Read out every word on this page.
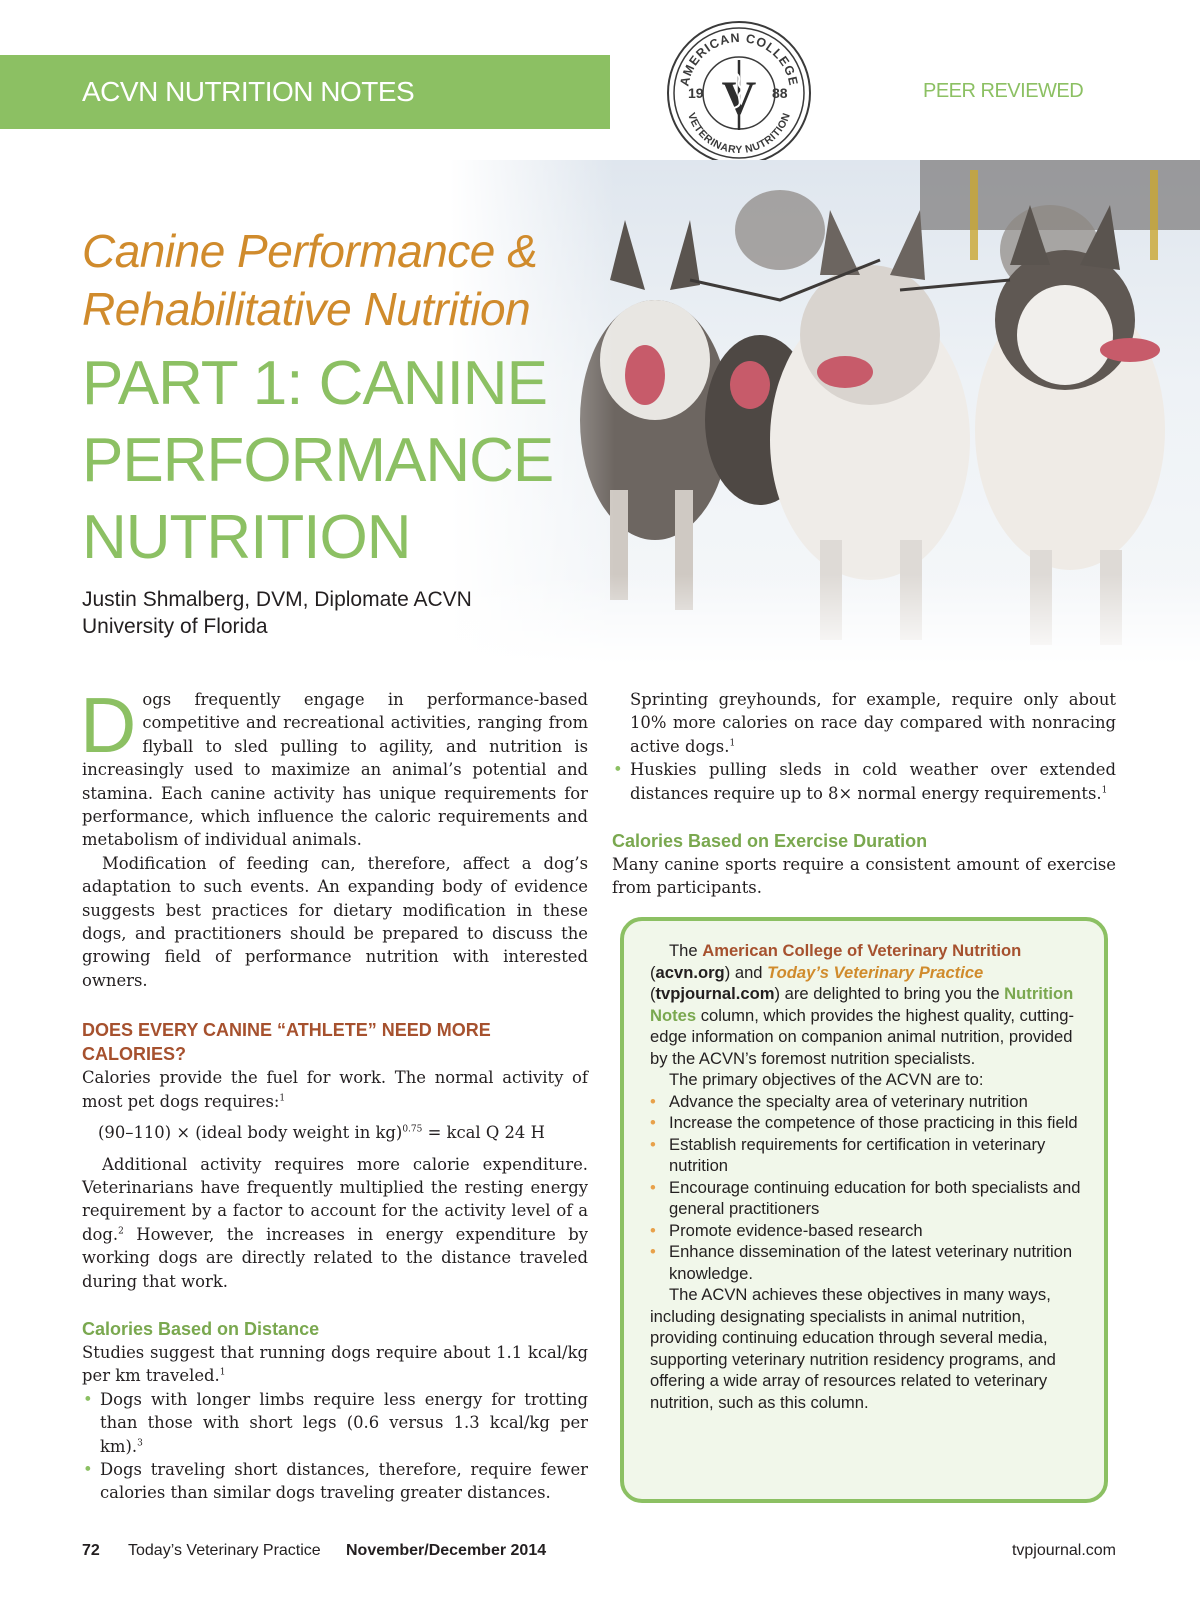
ACVN NUTRITION NOTES	PEER REVIEWED
AMERICAN COLLEGE
VETERINARY NUTRITION
19	88
V
Canine Performance &
Rehabilitative Nutrition
PART 1: CANINE
PERFORMANCE
NUTRITION
Justin Shmalberg, DVM, Diplomate ACVN
University of Florida

Dogs frequently engage in performance-based competitive and recreational activities, ranging from flyball to sled pulling to agility, and nutrition is increasingly used to maximize an animal’s potential and stamina. Each canine activity has unique requirements for performance, which influence the caloric requirements and metabolism of individual animals.

Modification of feeding can, therefore, affect a dog’s adaptation to such events. An expanding body of evidence suggests best practices for dietary modification in these dogs, and practitioners should be prepared to discuss the growing field of performance nutrition with interested owners.

DOES EVERY CANINE “ATHLETE” NEED MORE CALORIES?

Calories provide the fuel for work. The normal activity of most pet dogs requires:$^1$

(90–110) × (ideal body weight in kg)$^{0.75}$ = kcal Q 24 H

Additional activity requires more calorie expenditure. Veterinarians have frequently multiplied the resting energy requirement by a factor to account for the activity level of a dog.$^2$ However, the increases in energy expenditure by working dogs are directly related to the distance traveled during that work.

Calories Based on Distance

Studies suggest that running dogs require about 1.1 kcal/kg per km traveled.$^1$

• Dogs with longer limbs require less energy for trotting than those with short legs (0.6 versus 1.3 kcal/kg per km).$^3$
• Dogs traveling short distances, therefore, require fewer calories than similar dogs traveling greater distances.

Sprinting greyhounds, for example, require only about 10% more calories on race day compared with nonracing active dogs.$^1$

• Huskies pulling sleds in cold weather over extended distances require up to 8× normal energy requirements.$^1$
Calories Based on Exercise Duration

Many canine sports require a consistent amount of exercise from participants.

The American College of Veterinary Nutrition (acvn.org) and Today’s Veterinary Practice (tvpjournal.com) are delighted to bring you the Nutrition Notes column, which provides the highest quality, cutting-edge information on companion animal nutrition, provided by the ACVN’s foremost nutrition specialists.

The primary objectives of the ACVN are to:

• Advance the specialty area of veterinary nutrition
• Increase the competence of those practicing in this field
• Establish requirements for certification in veterinary nutrition
• Encourage continuing education for both specialists and general practitioners
• Promote evidence-based research
• Enhance dissemination of the latest veterinary nutrition knowledge.

The ACVN achieves these objectives in many ways, including designating specialists in animal nutrition, providing continuing education through several media, supporting veterinary nutrition residency programs, and offering a wide array of resources related to veterinary nutrition, such as this column.

72 Today’s Veterinary Practice November/December 2014	tvpjournal.com
